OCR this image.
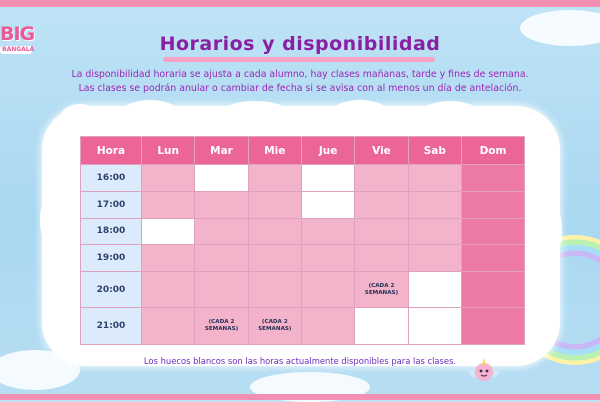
BIG
BANGALÁ	Horarios y disponibilidad

La disponibilidad horaria se ajusta a cada alumno, hay clases mañanas, tarde y fines de semana.

Las clases se podrán anular o cambiar de fecha si se avisa con al menos un día de antelación.

Hora	Lun	Mar	Mie	Jue	Vie	Sab	Dom
16:00							
17:00							
18:00							
19:00							
20:00					(CADA 2 SEMANAS)		

21:00		(CADA 2 SEMANAS)	(CADA 2 SEMANAS)				

Los huecos blancos son las horas actualmente disponibles para las clases.
